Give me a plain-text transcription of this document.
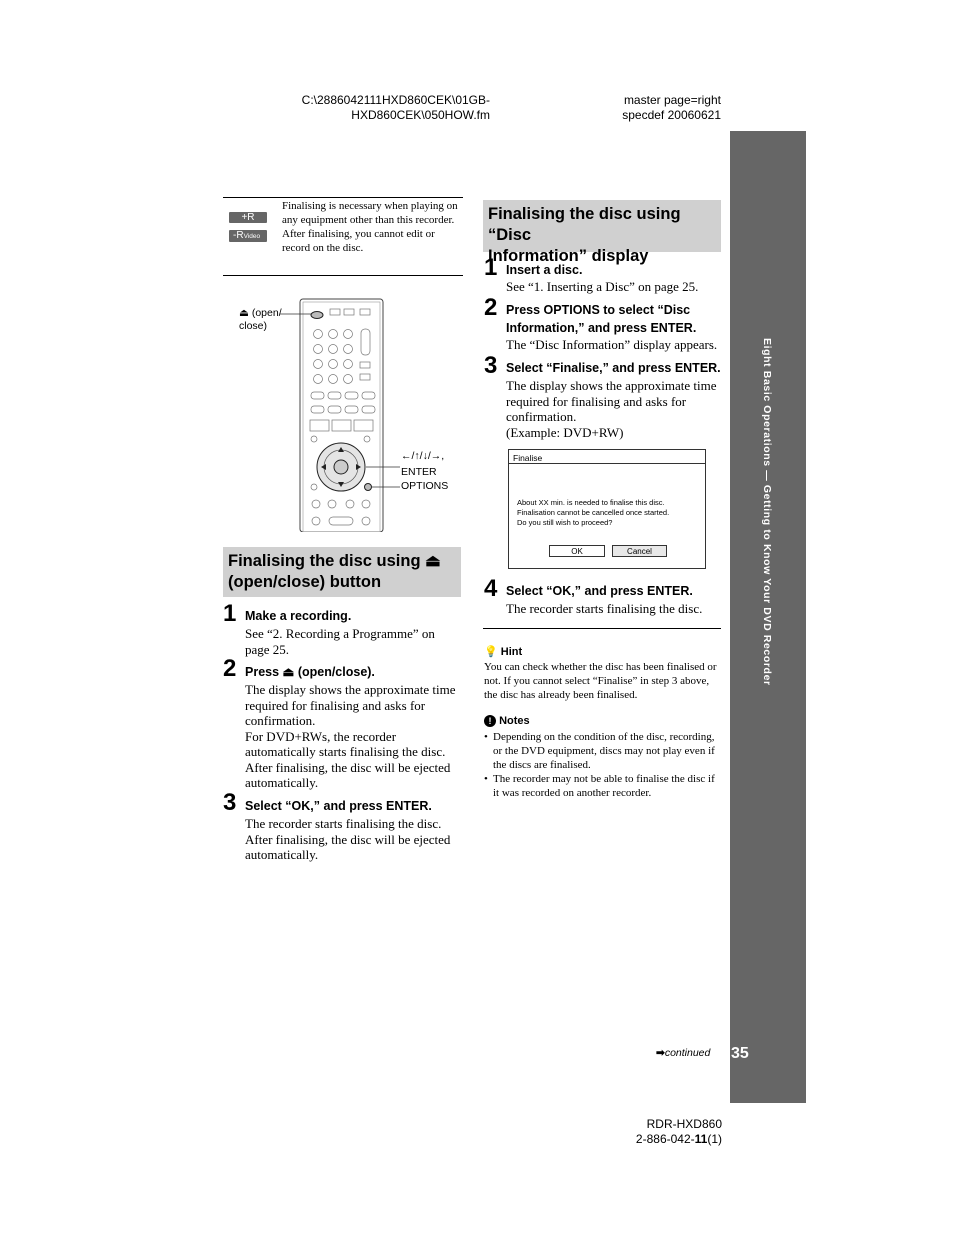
C:\2886042111HXD860CEK\01GB-
HXD860CEK\050HOW.fm
master page=right
specdef 20060621
Eight Basic Operations — Getting to Know Your DVD Recorder
35
➡continued
+R -RVideo
Finalising is necessary when playing on any equipment other than this recorder.
After finalising, you cannot edit or record on the disc.
⏏ (open/
close)
←/↑/↓/→,
ENTER
OPTIONS
Finalising the disc using ⏏
(open/close) button
1 Make a recording.
See “2. Recording a Programme” on page 25.
2 Press ⏏ (open/close).
The display shows the approximate time required for finalising and asks for confirmation.
For DVD+RWs, the recorder automatically starts finalising the disc. After finalising, the disc will be ejected automatically.
3 Select “OK,” and press ENTER.
The recorder starts finalising the disc. After finalising, the disc will be ejected automatically.
Finalising the disc using “Disc
Information” display
1 Insert a disc.
See “1. Inserting a Disc” on page 25.
2 Press OPTIONS to select “Disc
Information,” and press ENTER.
The “Disc Information” display appears.
3 Select “Finalise,” and press ENTER.
The display shows the approximate time required for finalising and asks for confirmation.
(Example: DVD+RW)
Finalise
About XX min. is needed to finalise this disc.
Finalisation cannot be cancelled once started.
Do you still wish to proceed?
OK	Cancel
4 Select “OK,” and press ENTER.
The recorder starts finalising the disc.
💡 Hint
You can check whether the disc has been finalised or not. If you cannot select “Finalise” in step 3 above, the disc has already been finalised.
! Notes
• Depending on the condition of the disc, recording, or the DVD equipment, discs may not play even if the discs are finalised.
• The recorder may not be able to finalise the disc if it was recorded on another recorder.
RDR-HXD860
2-886-042-11(1)
